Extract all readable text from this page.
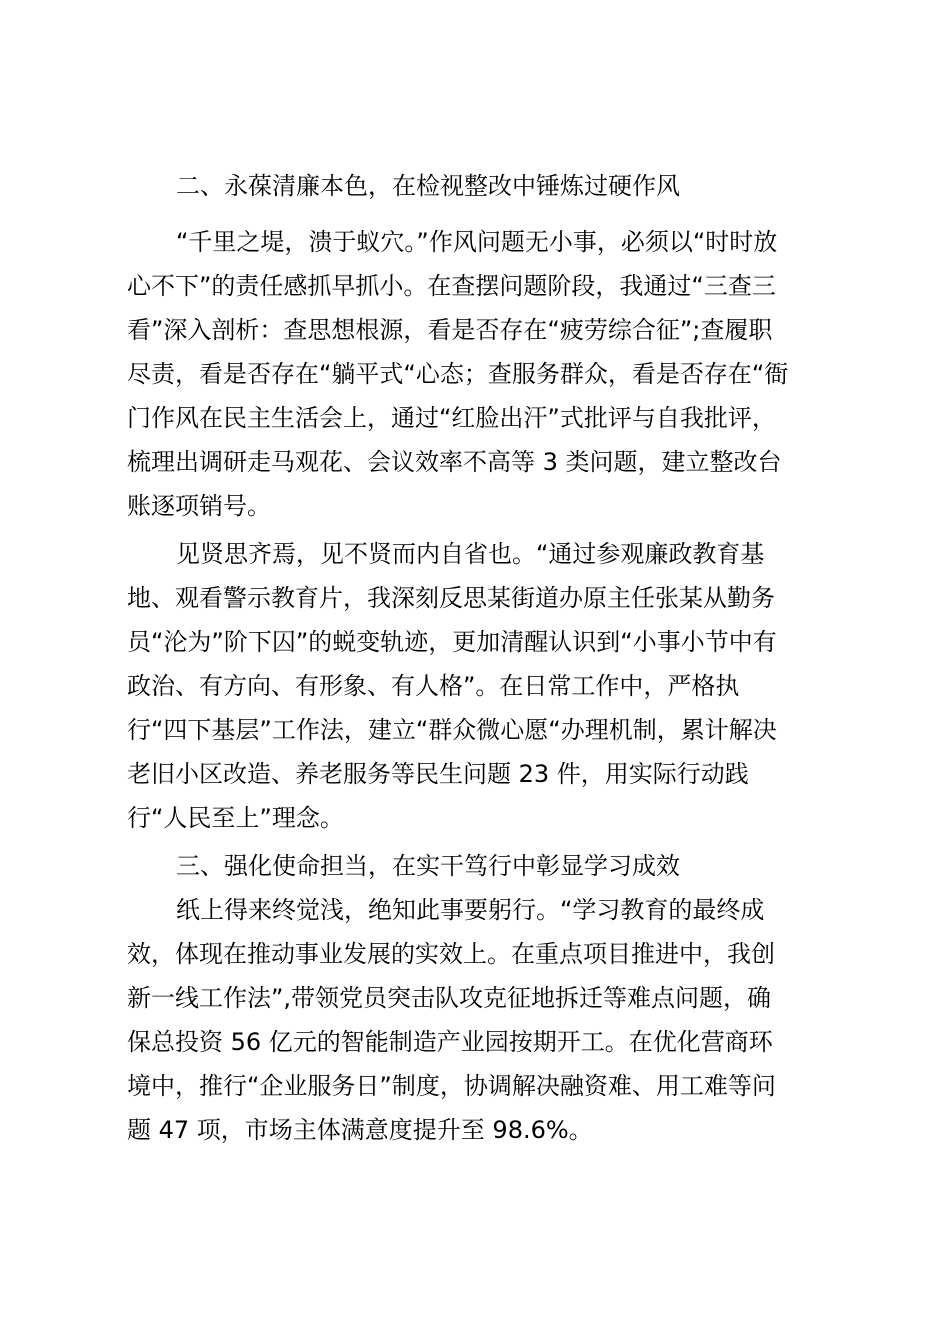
二、永葆清廉本色，在检视整改中锤炼过硬作风
“千里之堤，溃于蚁穴。”作风问题无小事，必须以“时时放
心不下”的责任感抓早抓小。在查摆问题阶段，我通过“三查三
看”深入剖析：查思想根源，看是否存在“疲劳综合征”;查履职
尽责，看是否存在“躺平式“心态；查服务群众，看是否存在“衙
门作风在民主生活会上，通过“红脸出汗”式批评与自我批评，
梳理出调研走马观花、会议效率不高等 3 类问题，建立整改台
账逐项销号。
见贤思齐焉，见不贤而内自省也。“通过参观廉政教育基
地、观看警示教育片，我深刻反思某街道办原主任张某从勤务
员“沦为”阶下囚”的蜕变轨迹，更加清醒认识到“小事小节中有
政治、有方向、有形象、有人格”。在日常工作中，严格执
行“四下基层”工作法，建立“群众微心愿“办理机制，累计解决
老旧小区改造、养老服务等民生问题 23 件，用实际行动践
行“人民至上”理念。
三、强化使命担当，在实干笃行中彰显学习成效
纸上得来终觉浅，绝知此事要躬行。“学习教育的最终成
效，体现在推动事业发展的实效上。在重点项目推进中，我创
新一线工作法”,带领党员突击队攻克征地拆迁等难点问题，确
保总投资 56 亿元的智能制造产业园按期开工。在优化营商环
境中，推行“企业服务日”制度，协调解决融资难、用工难等问
题 47 项，市场主体满意度提升至 98.6%。
